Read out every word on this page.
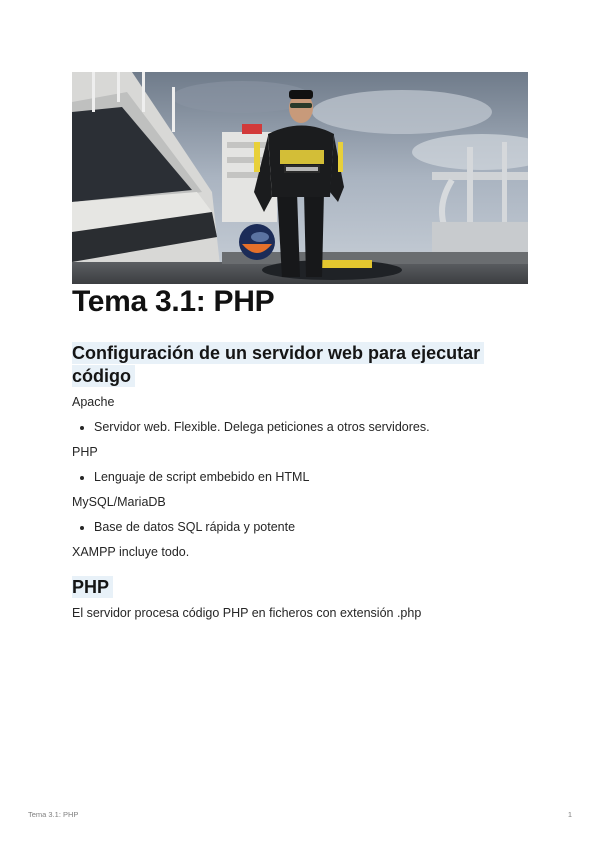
Tema 3.1: PHP
Configuración de un servidor web para ejecutar
código

Apache

• Servidor web. Flexible. Delega peticiones a otros servidores.

PHP

• Lenguaje de script embebido en HTML

MySQL/MariaDB

• Base de datos SQL rápida y potente

XAMPP incluye todo.

PHP

El servidor procesa código PHP en ficheros con extensión .php

Tema 3.1: PHP	1
